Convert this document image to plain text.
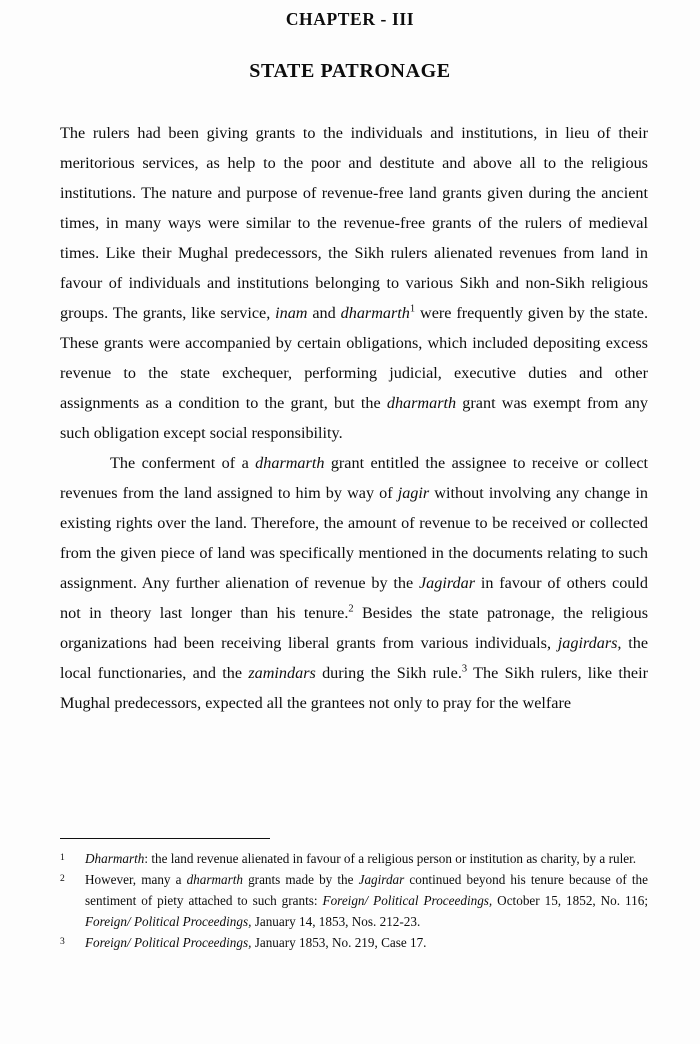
CHAPTER - III
STATE PATRONAGE

The rulers had been giving grants to the individuals and institutions, in lieu of their meritorious services, as help to the poor and destitute and above all to the religious institutions. The nature and purpose of revenue-free land grants given during the ancient times, in many ways were similar to the revenue-free grants of the rulers of medieval times. Like their Mughal predecessors, the Sikh rulers alienated revenues from land in favour of individuals and institutions belonging to various Sikh and non-Sikh religious groups. The grants, like service, inam and dharmarth$^1$ were frequently given by the state. These grants were accompanied by certain obligations, which included depositing excess revenue to the state exchequer, performing judicial, executive duties and other assignments as a condition to the grant, but the dharmarth grant was exempt from any such obligation except social responsibility.

The conferment of a dharmarth grant entitled the assignee to receive or collect revenues from the land assigned to him by way of jagir without involving any change in existing rights over the land. Therefore, the amount of revenue to be received or collected from the given piece of land was specifically mentioned in the documents relating to such assignment. Any further alienation of revenue by the Jagirdar in favour of others could not in theory last longer than his tenure.$^2$ Besides the state patronage, the religious organizations had been receiving liberal grants from various individuals, jagirdars, the local functionaries, and the zamindars during the Sikh rule.$^3$ The Sikh rulers, like their Mughal predecessors, expected all the grantees not only to pray for the welfare

1	Dharmarth: the land revenue alienated in favour of a religious person or institution as charity, by a ruler.
2	However, many a dharmarth grants made by the Jagirdar continued beyond his tenure because of the sentiment of piety attached to such grants: Foreign/ Political Proceedings, October 15, 1852, No. 116; Foreign/ Political Proceedings, January 14, 1853, Nos. 212-23.
3	Foreign/ Political Proceedings, January 1853, No. 219, Case 17.
